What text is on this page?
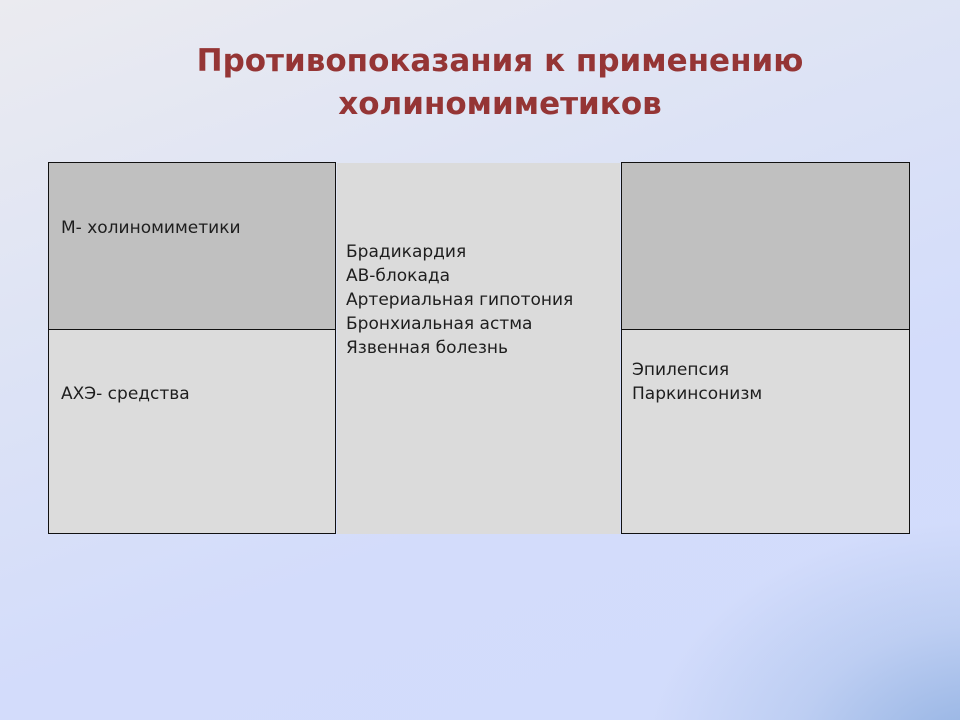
Противопоказания к применению
холиномиметиков
М- холиномиметики
АХЭ- средства
Брадикардия
АВ-блокада
Артериальная гипотония
Бронхиальная астма
Язвенная болезнь
Эпилепсия
Паркинсонизм
